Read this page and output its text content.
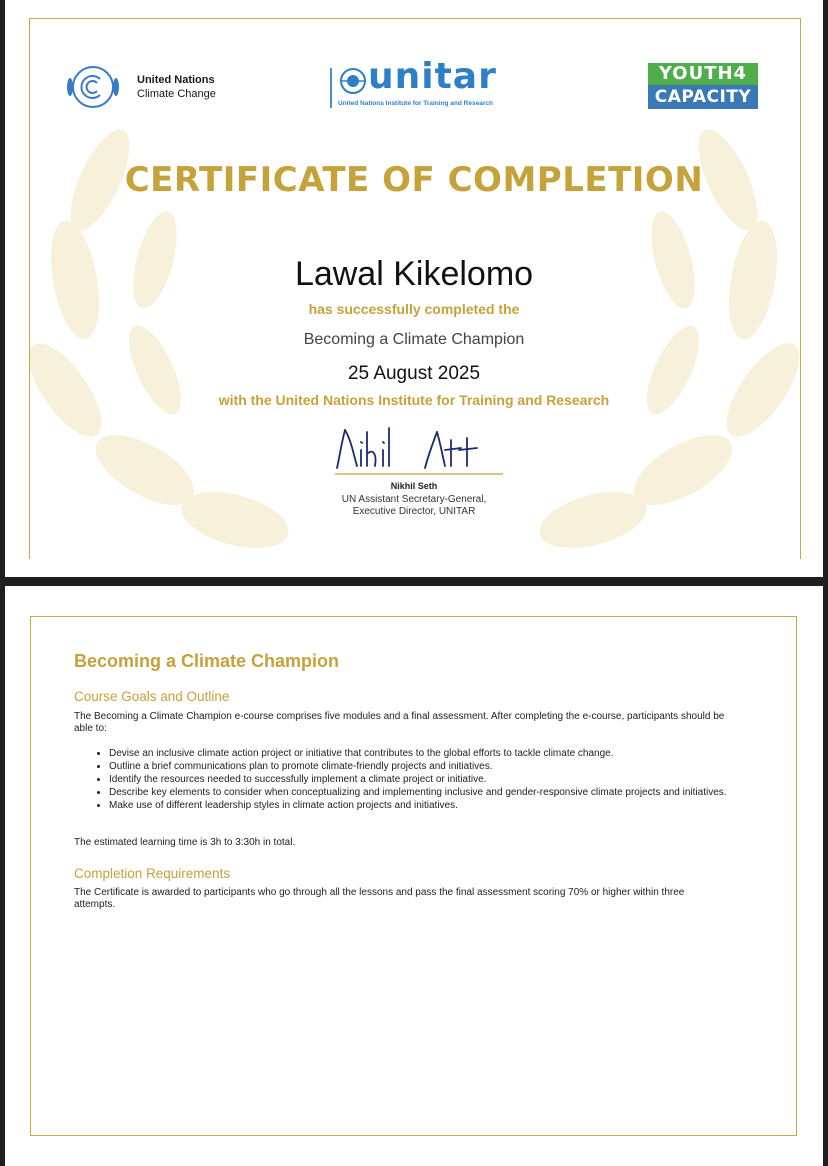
United Nations
Climate Change	unitar
United Nations Institute for Training and Research
YOUTH4
CAPACITY
CERTIFICATE OF COMPLETION
Lawal Kikelomo
has successfully completed the
Becoming a Climate Champion
25 August 2025
with the United Nations Institute for Training and Research
Nikhil Seth
UN Assistant Secretary-General,
Executive Director, UNITAR
Becoming a Climate Champion
Course Goals and Outline
The Becoming a Climate Champion e-course comprises five modules and a final assessment. After completing the e-course, participants should be able to:
• Devise an inclusive climate action project or initiative that contributes to the global efforts to tackle climate change.
• Outline a brief communications plan to promote climate-friendly projects and initiatives.
• Identify the resources needed to successfully implement a climate project or initiative.
• Describe key elements to consider when conceptualizing and implementing inclusive and gender-responsive climate projects and initiatives.
• Make use of different leadership styles in climate action projects and initiatives.
The estimated learning time is 3h to 3:30h in total.
Completion Requirements
The Certificate is awarded to participants who go through all the lessons and pass the final assessment scoring 70% or higher within three attempts.
